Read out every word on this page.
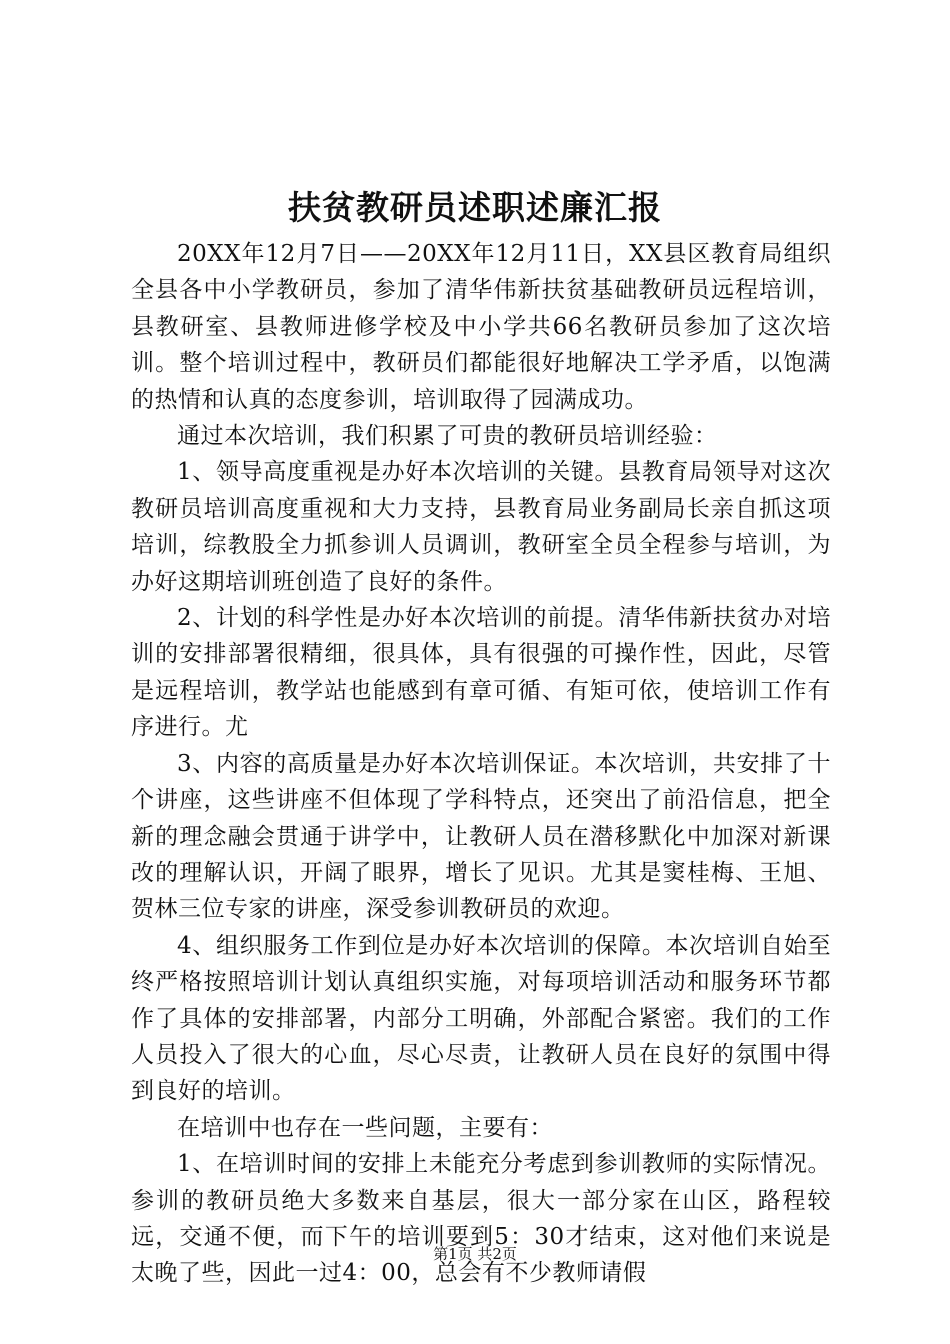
扶贫教研员述职述廉汇报

20XX年12月7日——20XX年12月11日，XX县区教育局组织全县各中小学教研员，参加了清华伟新扶贫基础教研员远程培训，县教研室、县教师进修学校及中小学共66名教研员参加了这次培训。整个培训过程中，教研员们都能很好地解决工学矛盾，以饱满的热情和认真的态度参训，培训取得了园满成功。

通过本次培训，我们积累了可贵的教研员培训经验：

1、领导高度重视是办好本次培训的关键。县教育局领导对这次教研员培训高度重视和大力支持，县教育局业务副局长亲自抓这项培训，综教股全力抓参训人员调训，教研室全员全程参与培训，为办好这期培训班创造了良好的条件。

2、计划的科学性是办好本次培训的前提。清华伟新扶贫办对培训的安排部署很精细，很具体，具有很强的可操作性，因此，尽管是远程培训，教学站也能感到有章可循、有矩可依，使培训工作有序进行。尤

3、内容的高质量是办好本次培训保证。本次培训，共安排了十个讲座，这些讲座不但体现了学科特点，还突出了前沿信息，把全新的理念融会贯通于讲学中，让教研人员在潜移默化中加深对新课改的理解认识，开阔了眼界，增长了见识。尤其是窦桂梅、王旭、贺林三位专家的讲座，深受参训教研员的欢迎。

4、组织服务工作到位是办好本次培训的保障。本次培训自始至终严格按照培训计划认真组织实施，对每项培训活动和服务环节都作了具体的安排部署，内部分工明确，外部配合紧密。我们的工作人员投入了很大的心血，尽心尽责，让教研人员在良好的氛围中得到良好的培训。

在培训中也存在一些问题，主要有：

1、在培训时间的安排上未能充分考虑到参训教师的实际情况。参训的教研员绝大多数来自基层，很大一部分家在山区，路程较远，交通不便，而下午的培训要到5：30才结束，这对他们来说是太晚了些，因此一过4：00，总会有不少教师请假

第1页 共2页
